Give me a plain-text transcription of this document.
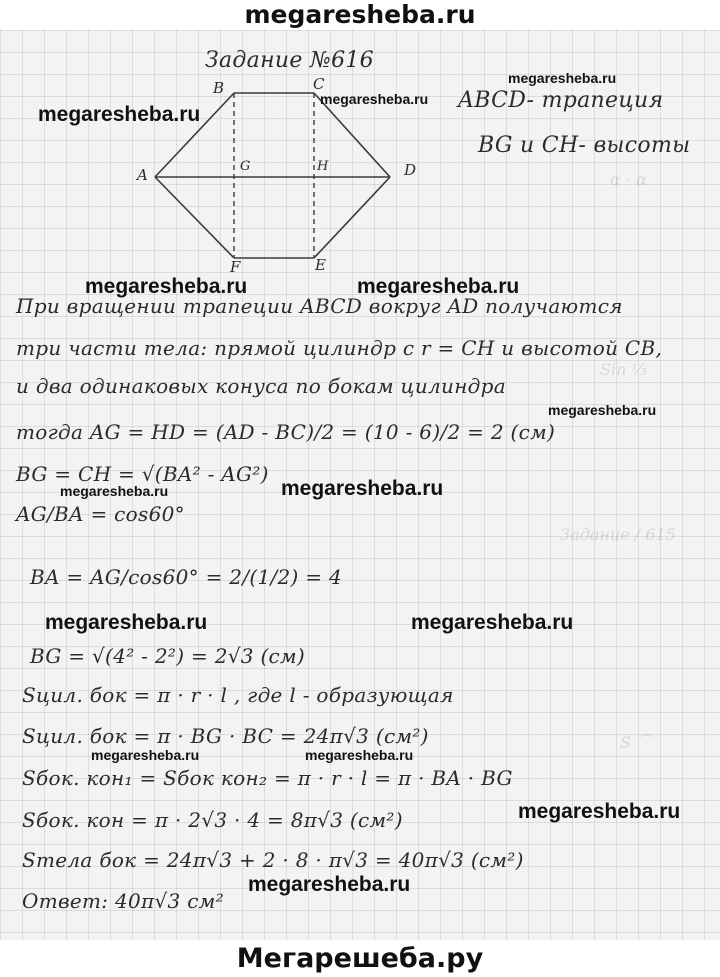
megaresheba.ru
ɑ · ɑ
Sin ⅓
3адание ∕ 615
S ⌒
Задание №616
ABCD- трапеция
BG и CH- высоты
B	C
A	D
G	H
F	E
При вращении трапеции ABCD вокруг AD получаются
три части тела: прямой цилиндр с r = CH и высотой CB,
и два одинаковых конуса по бокам цилиндра
тогда AG = HD = (AD - BC)/2 = (10 - 6)/2 = 2 (см)
BG = CH = √(BA² - AG²)
AG/BA = cos60°
BA = AG/cos60° = 2/(1/2) = 4
BG = √(4² - 2²) = 2√3 (см)
Sцил. бок = π · r · l , где l - образующая
Sцил. бок = π · BG · BC = 24π√3 (см²)
Sбок. кон₁ = Sбок кон₂ = π · r · l = π · BA · BG
Sбок. кон = π · 2√3 · 4 = 8π√3 (см²)
Sтела бок = 24π√3 + 2 · 8 · π√3 = 40π√3 (см²)
Ответ: 40π√3 см²
megaresheba.ru
megaresheba.ru
megaresheba.ru
megaresheba.ru	megaresheba.ru
megaresheba.ru
megaresheba.ru	megaresheba.ru
megaresheba.ru	megaresheba.ru
megaresheba.ru	megaresheba.ru
megaresheba.ru
megaresheba.ru
Мегарешеба.ру
